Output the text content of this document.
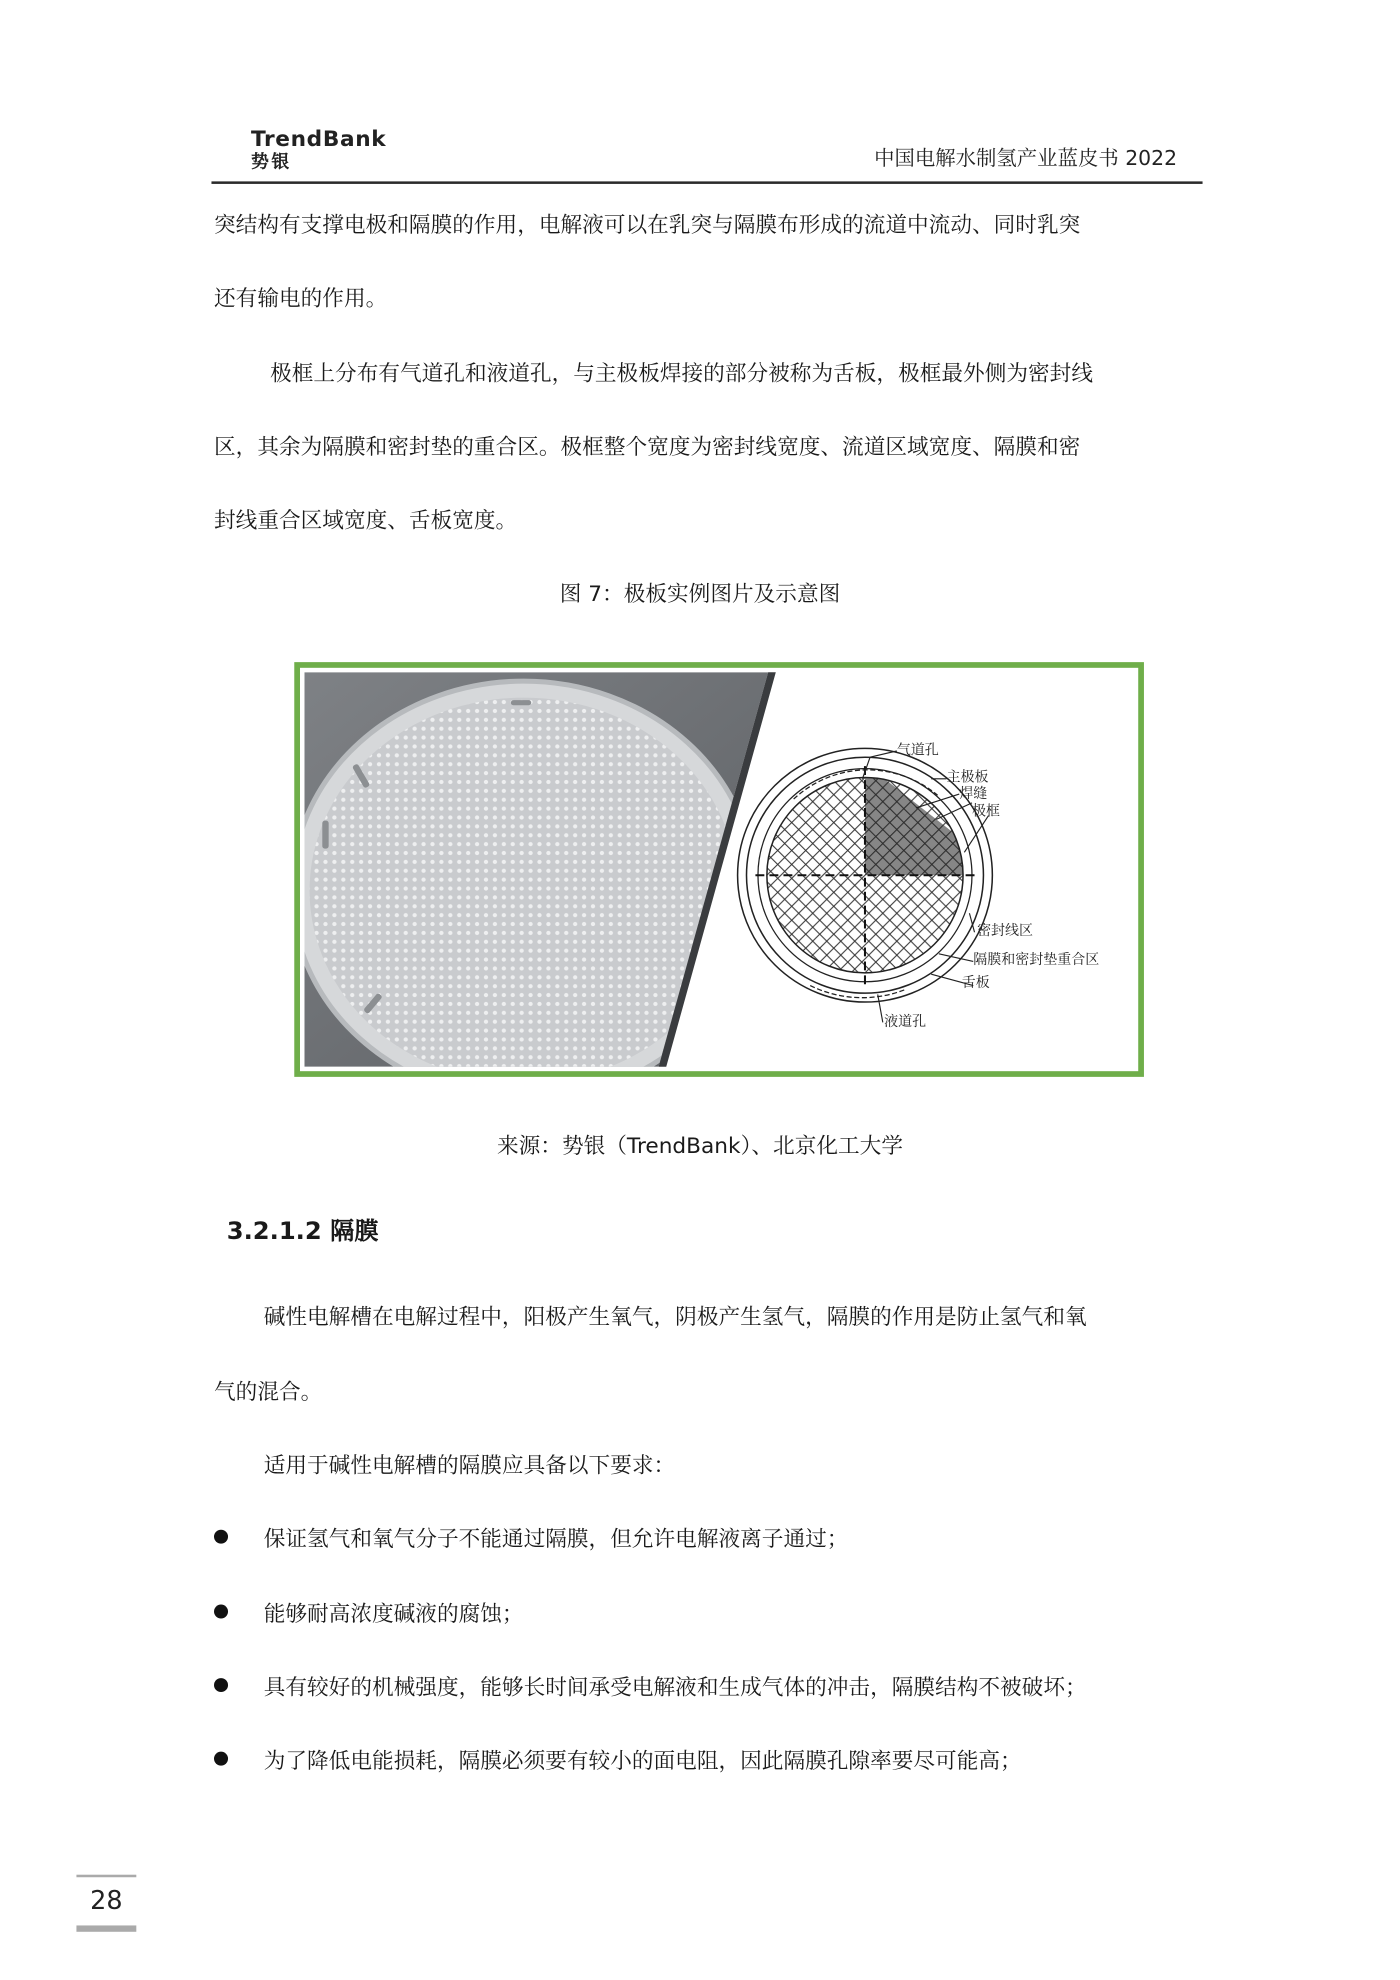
TrendBank
势银	中国电解水制氢产业蓝皮书 2022
突结构有支撑电极和隔膜的作用，电解液可以在乳突与隔膜布形成的流道中流动、同时乳突
还有输电的作用。
极框上分布有气道孔和液道孔，与主极板焊接的部分被称为舌板，极框最外侧为密封线
区，其余为隔膜和密封垫的重合区。极框整个宽度为密封线宽度、流道区域宽度、隔膜和密
封线重合区域宽度、舌板宽度。
图 7：极板实例图片及示意图
气道孔
主极板
焊缝
极框
密封线区
隔膜和密封垫重合区
舌板
液道孔
来源：势银（TrendBank）、北京化工大学
3.2.1.2 隔膜
碱性电解槽在电解过程中，阳极产生氧气，阴极产生氢气，隔膜的作用是防止氢气和氧
气的混合。
适用于碱性电解槽的隔膜应具备以下要求：
保证氢气和氧气分子不能通过隔膜，但允许电解液离子通过；
能够耐高浓度碱液的腐蚀；
具有较好的机械强度，能够长时间承受电解液和生成气体的冲击，隔膜结构不被破坏；
为了降低电能损耗，隔膜必须要有较小的面电阻，因此隔膜孔隙率要尽可能高；
28
